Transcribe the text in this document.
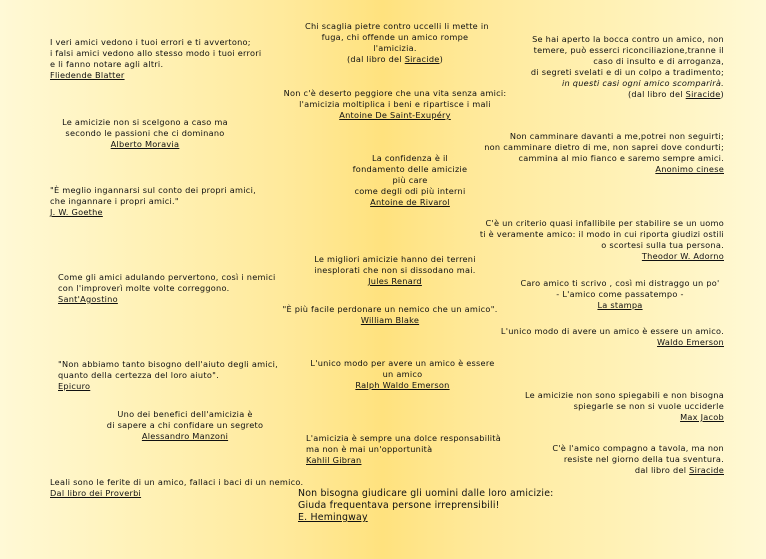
I veri amici vedono i tuoi errori e ti avvertono;
i falsi amici vedono allo stesso modo i tuoi errori
e li fanno notare agli altri.
Fliedende Blatter
Le amicizie non si scelgono a caso ma
secondo le passioni che ci dominano
Alberto Moravia
"È meglio ingannarsi sul conto dei propri amici,
che ingannare i propri amici."
J. W. Goethe
Come gli amici adulando pervertono, così i nemici
con l'improverì molte volte correggono.
Sant'Agostino
"Non abbiamo tanto bisogno dell'aiuto degli amici,
quanto della certezza del loro aiuto".
Epicuro
Uno dei benefici dell'amicizia è
di sapere a chi confidare un segreto
Alessandro Manzoni
Leali sono le ferite di un amico, fallaci i baci di un nemico.
Dal libro dei Proverbi
Chi scaglia pietre contro uccelli li mette in
fuga, chi offende un amico rompe
l'amicizia.
(dal libro del Siracide)
Non c'è deserto peggiore che una vita senza amici:
l'amicizia moltiplica i beni e ripartisce i mali
Antoine De Saint-Exupéry
La confidenza è il
fondamento delle amicizie
più care
come degli odi più interni
Antoine de Rivarol
Le migliori amicizie hanno dei terreni
inesplorati che non si dissodano mai.
Jules Renard
"È più facile perdonare un nemico che un amico".
William Blake
L'unico modo per avere un amico è essere
un amico
Ralph Waldo Emerson
L'amicizia è sempre una dolce responsabilità
ma non è mai un'opportunità
Kahlil Gibran
Non bisogna giudicare gli uomini dalle loro amicizie:
Giuda frequentava persone irreprensibili!
E. Hemingway
Se hai aperto la bocca contro un amico, non
temere, può esserci riconciliazione,tranne il
caso di insulto e di arroganza,
di segreti svelati e di un colpo a tradimento;
in questi casi ogni amico scomparirà.
(dal libro del Siracide)
Non camminare davanti a me,potrei non seguirti;
non camminare dietro di me, non saprei dove condurti;
cammina al mio fianco e saremo sempre amici.
Anonimo cinese
C'è un criterio quasi infallibile per stabilire se un uomo
ti è veramente amico: il modo in cui riporta giudizi ostili
o scortesi sulla tua persona.
Theodor W. Adorno
Caro amico ti scrivo , così mi distraggo un po'
- L'amico come passatempo -
La stampa
L'unico modo di avere un amico è essere un amico.
Waldo Emerson
Le amicizie non sono spiegabili e non bisogna
spiegarle se non si vuole ucciderle
Max Jacob
C'è l'amico compagno a tavola, ma non
resiste nel giorno della tua sventura.
dal libro del Siracide
